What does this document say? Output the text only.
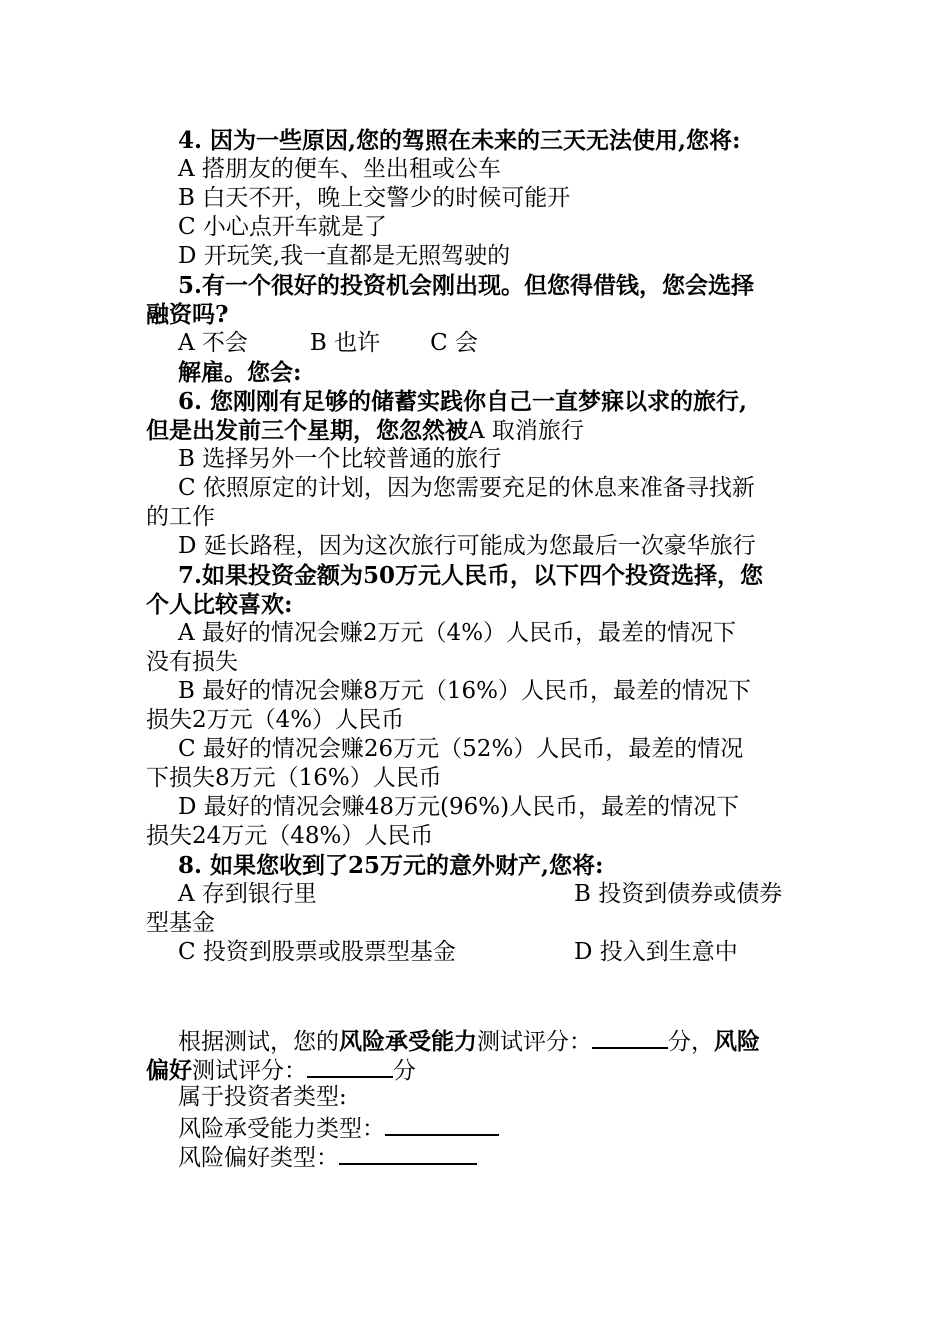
4. 因为一些原因,您的驾照在未来的三天无法使用,您将:
A 搭朋友的便车、坐出租或公车
B 白天不开，晚上交警少的时候可能开
C 小心点开车就是了
D 开玩笑,我一直都是无照驾驶的
5.有一个很好的投资机会刚出现。但您得借钱，您会选择
融资吗?
A 不会	B 也许 C 会
解雇。您会:
6. 您刚刚有足够的储蓄实践你自己一直梦寐以求的旅行,
但是出发前三个星期，您忽然被A 取消旅行
B 选择另外一个比较普通的旅行
C 依照原定的计划，因为您需要充足的休息来准备寻找新
的工作
D 延长路程，因为这次旅行可能成为您最后一次豪华旅行
7.如果投资金额为50万元人民币，以下四个投资选择，您
个人比较喜欢:
A 最好的情况会赚2万元（4%）人民币，最差的情况下
没有损失
B 最好的情况会赚8万元（16%）人民币，最差的情况下
损失2万元（4%）人民币
C 最好的情况会赚26万元（52%）人民币，最差的情况
下损失8万元（16%）人民币
D 最好的情况会赚48万元(96%)人民币，最差的情况下
损失24万元（48%）人民币
8. 如果您收到了25万元的意外财产,您将:
A 存到银行里	B 投资到债券或债券
型基金
C 投资到股票或股票型基金	D 投入到生意中
根据测试，您的风险承受能力测试评分：	分，风险
偏好测试评分：	分
属于投资者类型:
风险承受能力类型：
风险偏好类型：
